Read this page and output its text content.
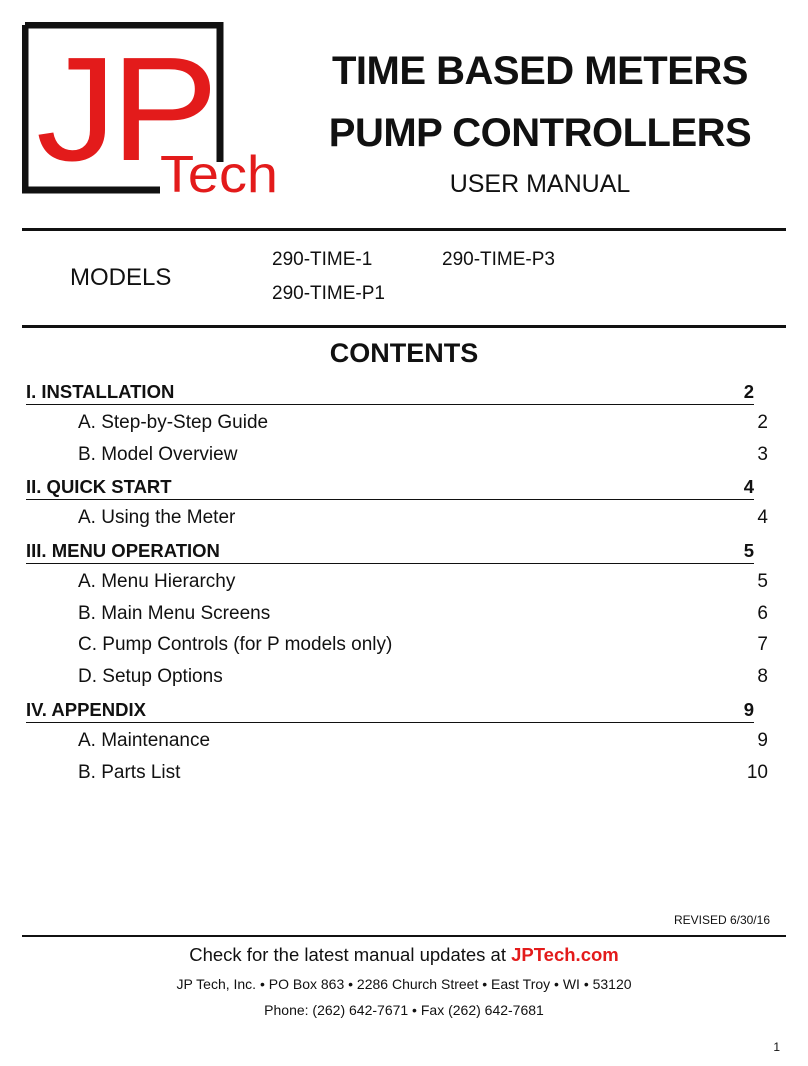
JP
Tech
TIME BASED METERS
PUMP CONTROLLERS
USER MANUAL
MODELS
290-TIME-1	290-TIME-P3
290-TIME-P1
CONTENTS
I. INSTALLATION	2
A. Step-by-Step Guide	2
B. Model Overview	3
II. QUICK START	4
A. Using the Meter	4
III. MENU OPERATION	5
A. Menu Hierarchy	5
B. Main Menu Screens	6
C. Pump Controls (for P models only)	7
D. Setup Options	8
IV. APPENDIX	9
A. Maintenance	9
B. Parts List	10
REVISED 6/30/16
Check for the latest manual updates at JPTech.com
JP Tech, Inc. • PO Box 863 • 2286 Church Street • East Troy • WI • 53120
Phone: (262) 642-7671 • Fax (262) 642-7681
1
